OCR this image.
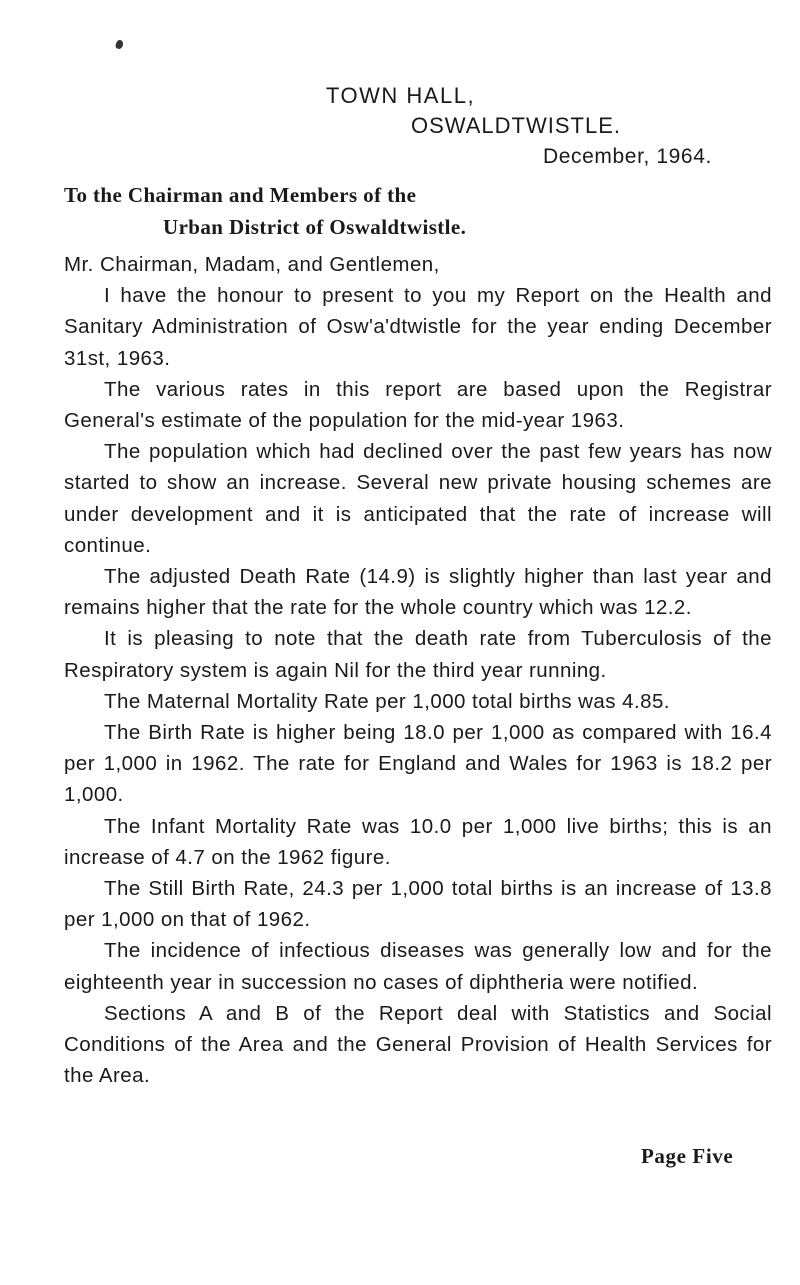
TOWN HALL,
OSWALDTWISTLE.
December, 1964.
To the Chairman and Members of the
Urban District of Oswaldtwistle.

Mr. Chairman, Madam, and Gentlemen,

I have the honour to present to you my Report on the Health and Sanitary Administration of Osw'a'dtwistle for the year ending December 31st, 1963.

The various rates in this report are based upon the Registrar General's estimate of the population for the mid-year 1963.

The population which had declined over the past few years has now started to show an increase. Several new private housing schemes are under development and it is anticipated that the rate of increase will continue.

The adjusted Death Rate (14.9) is slightly higher than last year and remains higher that the rate for the whole country which was 12.2.

It is pleasing to note that the death rate from Tuberculosis of the Respiratory system is again Nil for the third year running.

The Maternal Mortality Rate per 1,000 total births was 4.85.

The Birth Rate is higher being 18.0 per 1,000 as compared with 16.4 per 1,000 in 1962. The rate for England and Wales for 1963 is 18.2 per 1,000.

The Infant Mortality Rate was 10.0 per 1,000 live births; this is an increase of 4.7 on the 1962 figure.

The Still Birth Rate, 24.3 per 1,000 total births is an increase of 13.8 per 1,000 on that of 1962.

The incidence of infectious diseases was generally low and for the eighteenth year in succession no cases of diphtheria were notified.

Sections A and B of the Report deal with Statistics and Social Conditions of the Area and the General Provision of Health Services for the Area.

Page Five
